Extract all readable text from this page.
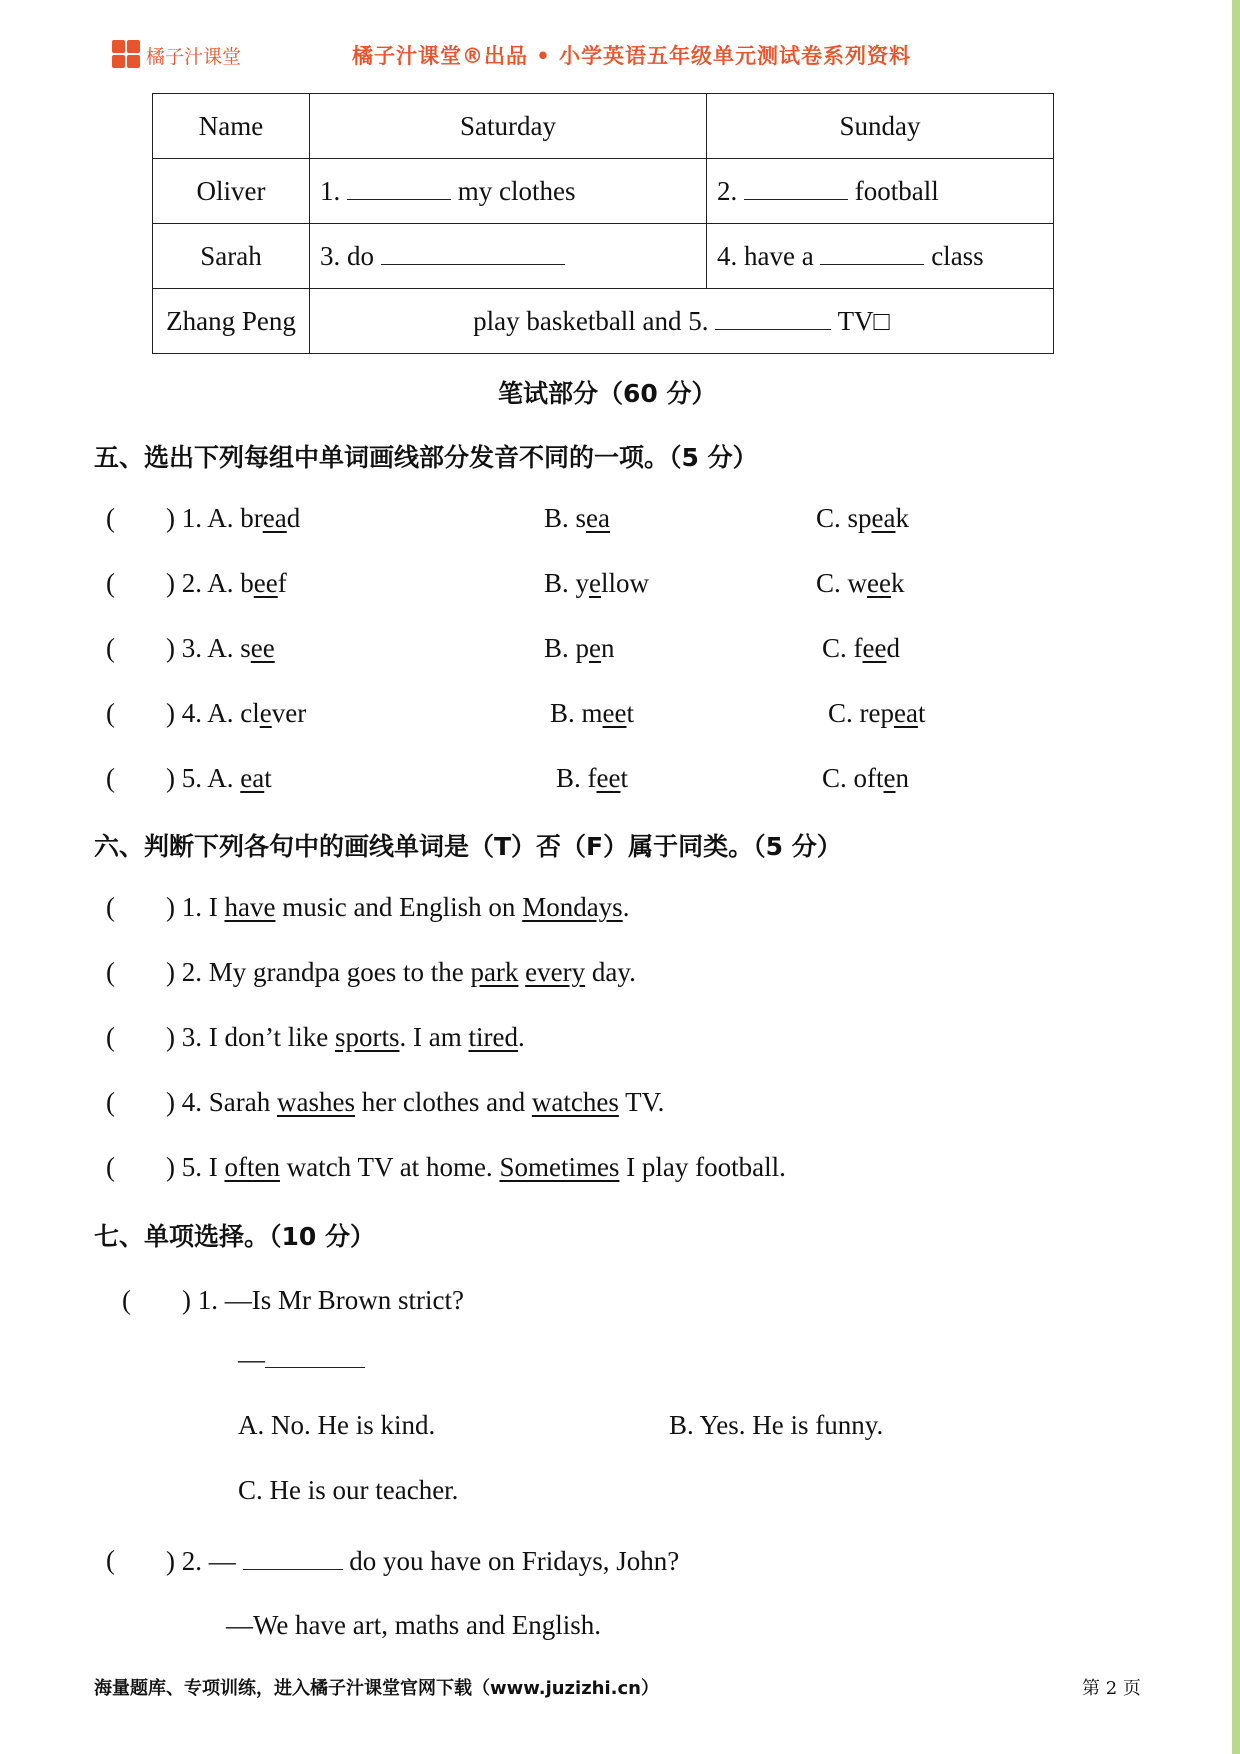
橘子汁课堂	橘子汁课堂®出品 • 小学英语五年级单元测试卷系列资料
Name	Saturday	Sunday
Oliver	1. my clothes	2. football
Sarah	3. do	4. have a class
Zhang Peng	play basketball and 5. TV□	
笔试部分（60 分）
五、选出下列每组中单词画线部分发音不同的一项。（5 分）
( ) 1. A. bread	B. sea	C. speak
( ) 2. A. beef	B. yellow	C. week
( ) 3. A. see	B. pen	C. feed
( ) 4. A. clever	B. meet	C. repeat
( ) 5. A. eat	B. feet	C. often
六、判断下列各句中的画线单词是（T）否（F）属于同类。（5 分）
( ) 1. I have music and English on Mondays.
( ) 2. My grandpa goes to the park every day.
( ) 3. I don’t like sports. I am tired.
( ) 4. Sarah washes her clothes and watches TV.
( ) 5. I often watch TV at home. Sometimes I play football.
七、单项选择。（10 分）
( ) 1. —Is Mr Brown strict?
—
A. No. He is kind.	B. Yes. He is funny.
C. He is our teacher.
( ) 2. —	do you have on Fridays, John?
—We have art, maths and English.
海量题库、专项训练，进入橘子汁课堂官网下载（www.juzizhi.cn）	第 2 页
